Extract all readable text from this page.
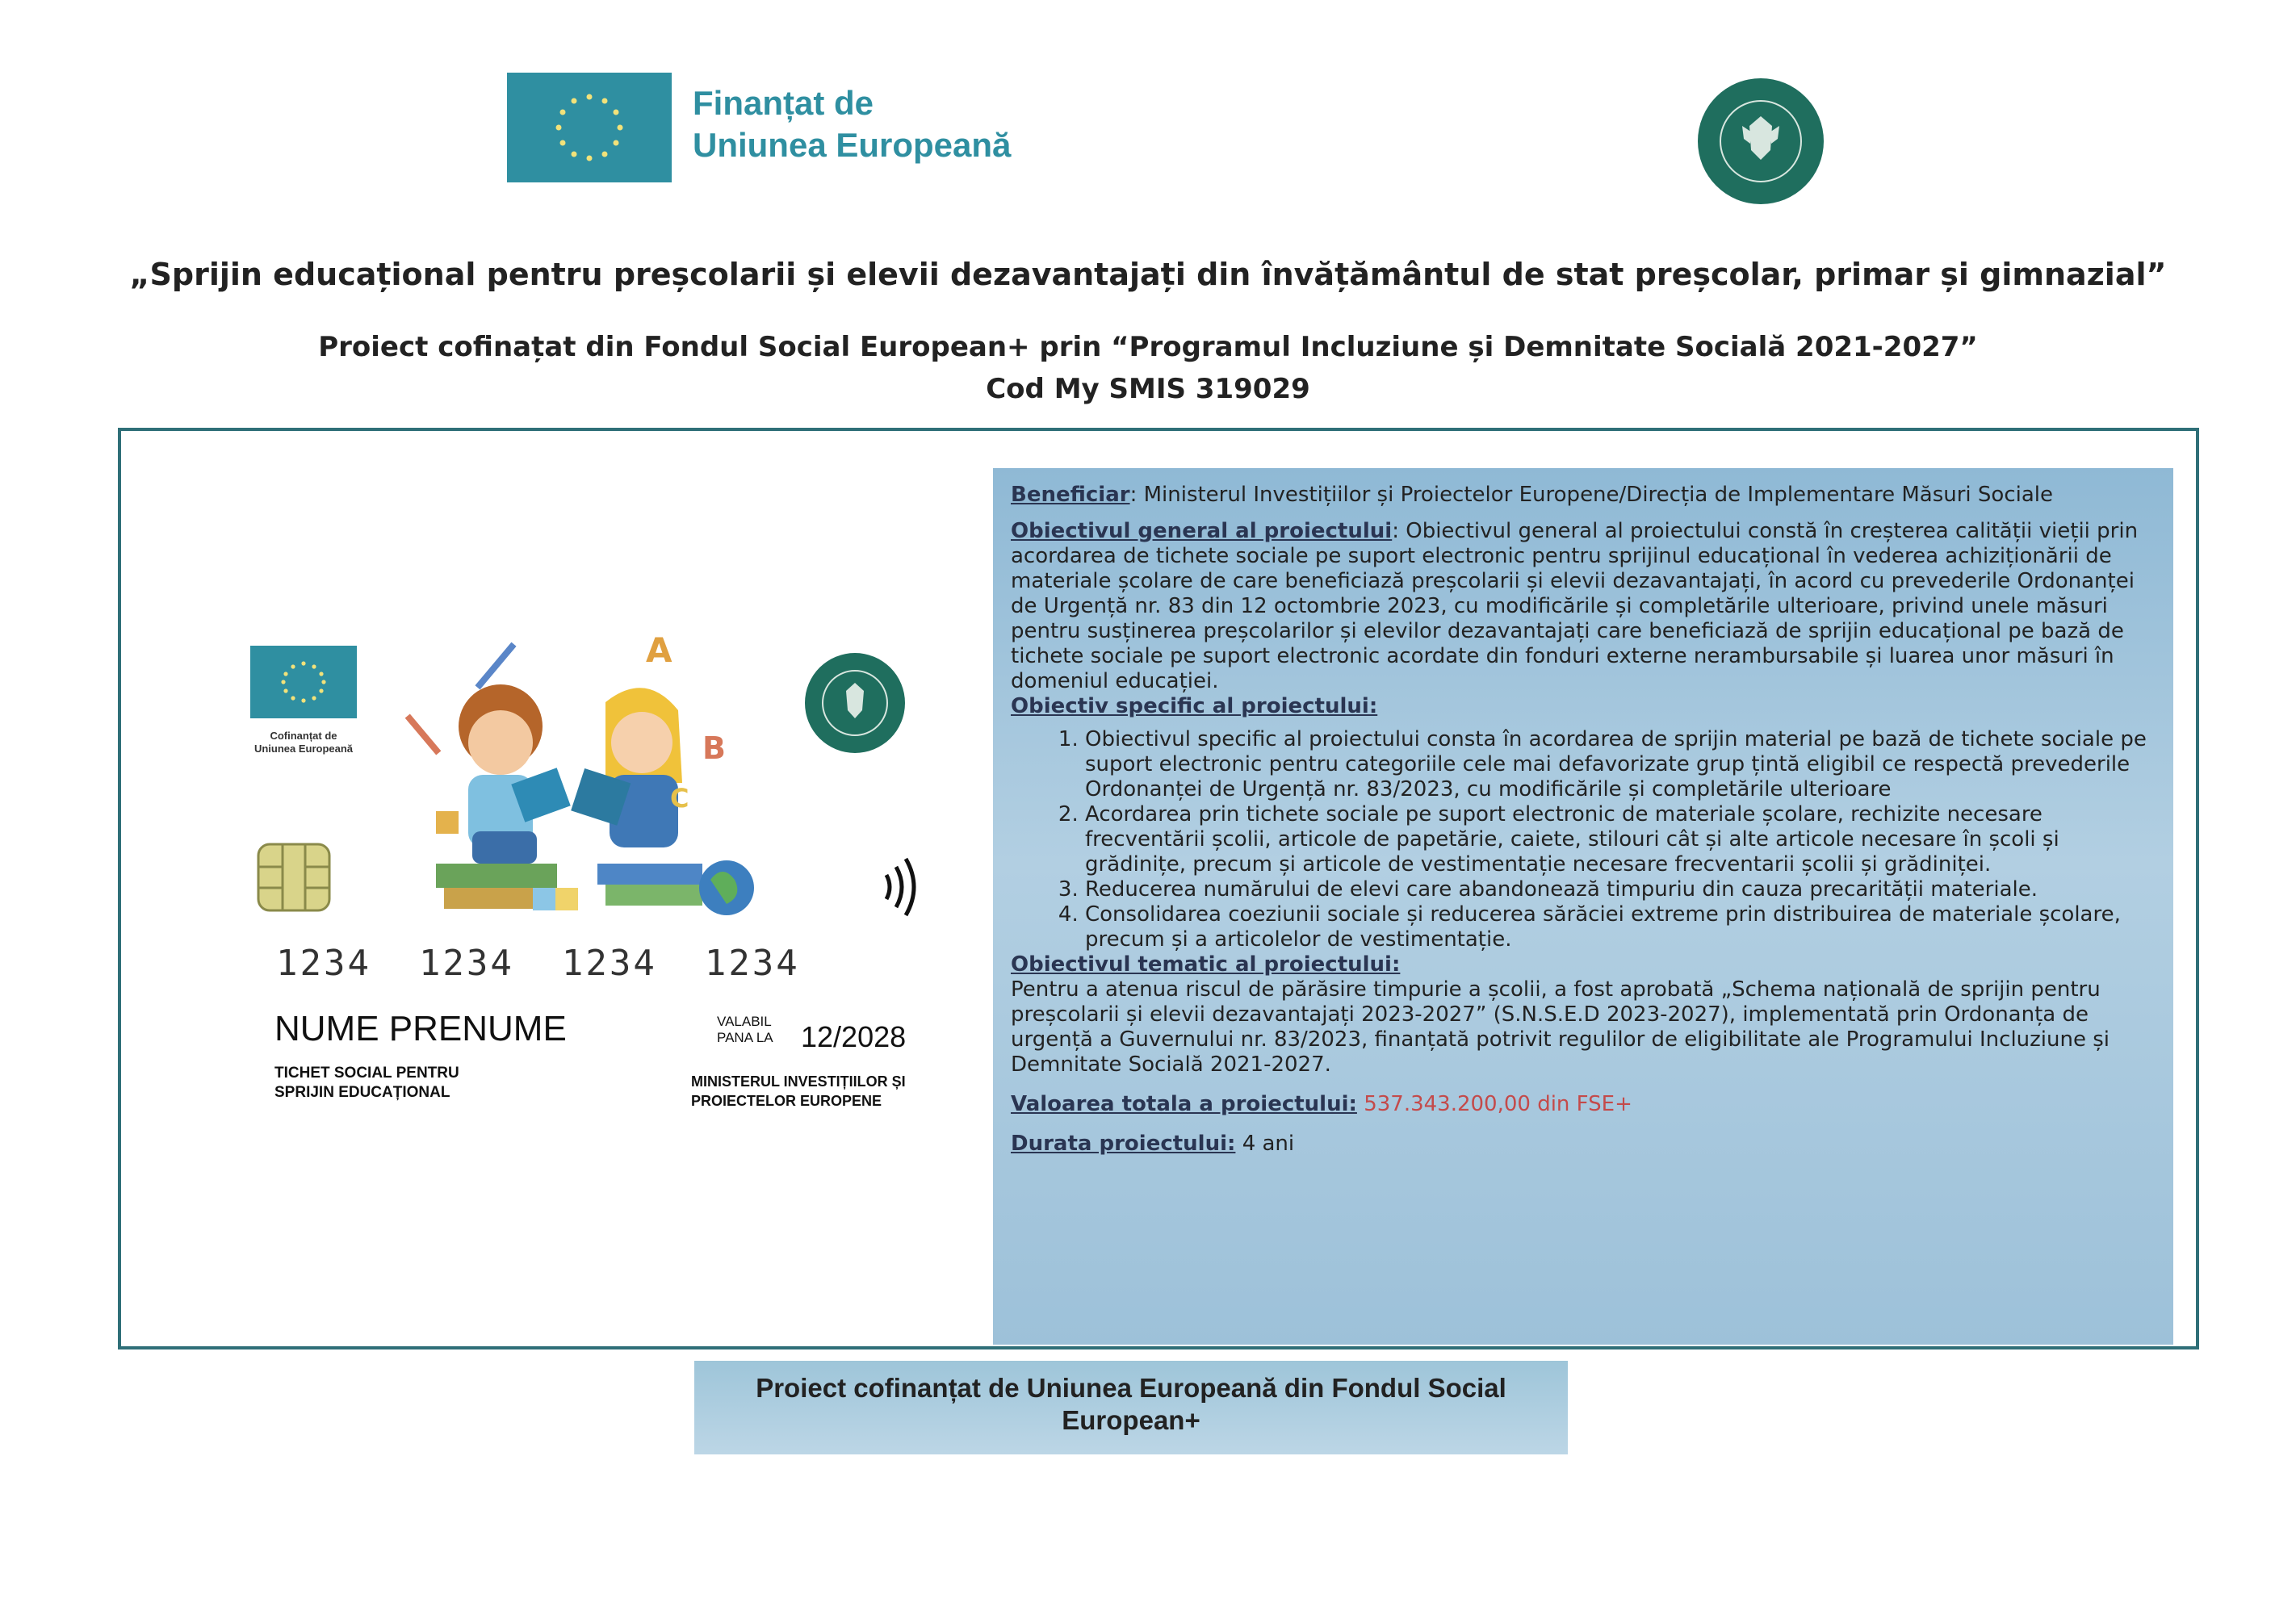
Finanțat de
Uniunea Europeană
„Sprijin educațional pentru preșcolarii și elevii dezavantajați din învățământul de stat preșcolar, primar și gimnazial”
Proiect cofinațat din Fondul Social European+ prin “Programul Incluziune și Demnitate Socială 2021-2027”
Cod My SMIS 319029
Cofinanțat de
Uniunea Europeană
A
B
C
1234  1234  1234  1234
NUME PRENUME
TICHET SOCIAL PENTRU
SPRIJIN EDUCAȚIONAL
VALABIL
PANA LA 12/2028
MINISTERUL INVESTIȚIILOR ȘI
PROIECTELOR EUROPENE

Beneficiar: Ministerul Investițiilor și Proiectelor Europene/Direcția de Implementare Măsuri Sociale

Obiectivul general al proiectului: Obiectivul general al proiectului constă în creșterea calității vieții prin acordarea de tichete sociale pe suport electronic pentru sprijinul educațional în vederea achiziționării de materiale școlare de care beneficiază preșcolarii și elevii dezavantajați, în acord cu prevederile Ordonanței de Urgență nr. 83 din 12 octombrie 2023, cu modificările și completările ulterioare, privind unele măsuri pentru susținerea preșcolarilor și elevilor dezavantajați care beneficiază de sprijin educațional pe bază de tichete sociale pe suport electronic acordate din fonduri externe nerambursabile și luarea unor măsuri în domeniul educației.

Obiectiv specific al proiectului:

1. Obiectivul specific al proiectului consta în acordarea de sprijin material pe bază de tichete sociale pe suport electronic pentru categoriile cele mai defavorizate grup țintă eligibil ce respectă prevederile Ordonanței de Urgență nr. 83/2023, cu modificările și completările ulterioare
2. Acordarea prin tichete sociale pe suport electronic de materiale școlare, rechizite necesare frecventării școlii, articole de papetărie, caiete, stilouri cât și alte articole necesare în școli și grădinițe, precum și articole de vestimentație necesare frecventarii școlii și grădiniței.
3. Reducerea numărului de elevi care abandonează timpuriu din cauza precarității materiale.
4. Consolidarea coeziunii sociale și reducerea sărăciei extreme prin distribuirea de materiale școlare, precum și a articolelor de vestimentație.

Obiectivul tematic al proiectului:

Pentru a atenua riscul de părăsire timpurie a școlii, a fost aprobată „Schema națională de sprijin pentru preșcolarii și elevii dezavantajați 2023-2027” (S.N.S.E.D 2023-2027), implementată prin Ordonanța de urgență a Guvernului nr. 83/2023, finanțată potrivit regulilor de eligibilitate ale Programului Incluziune și Demnitate Socială 2021-2027.

Valoarea totala a proiectului: 537.343.200,00 din FSE+

Durata proiectului: 4 ani

Proiect cofinanțat de Uniunea Europeană din Fondul Social
European+
